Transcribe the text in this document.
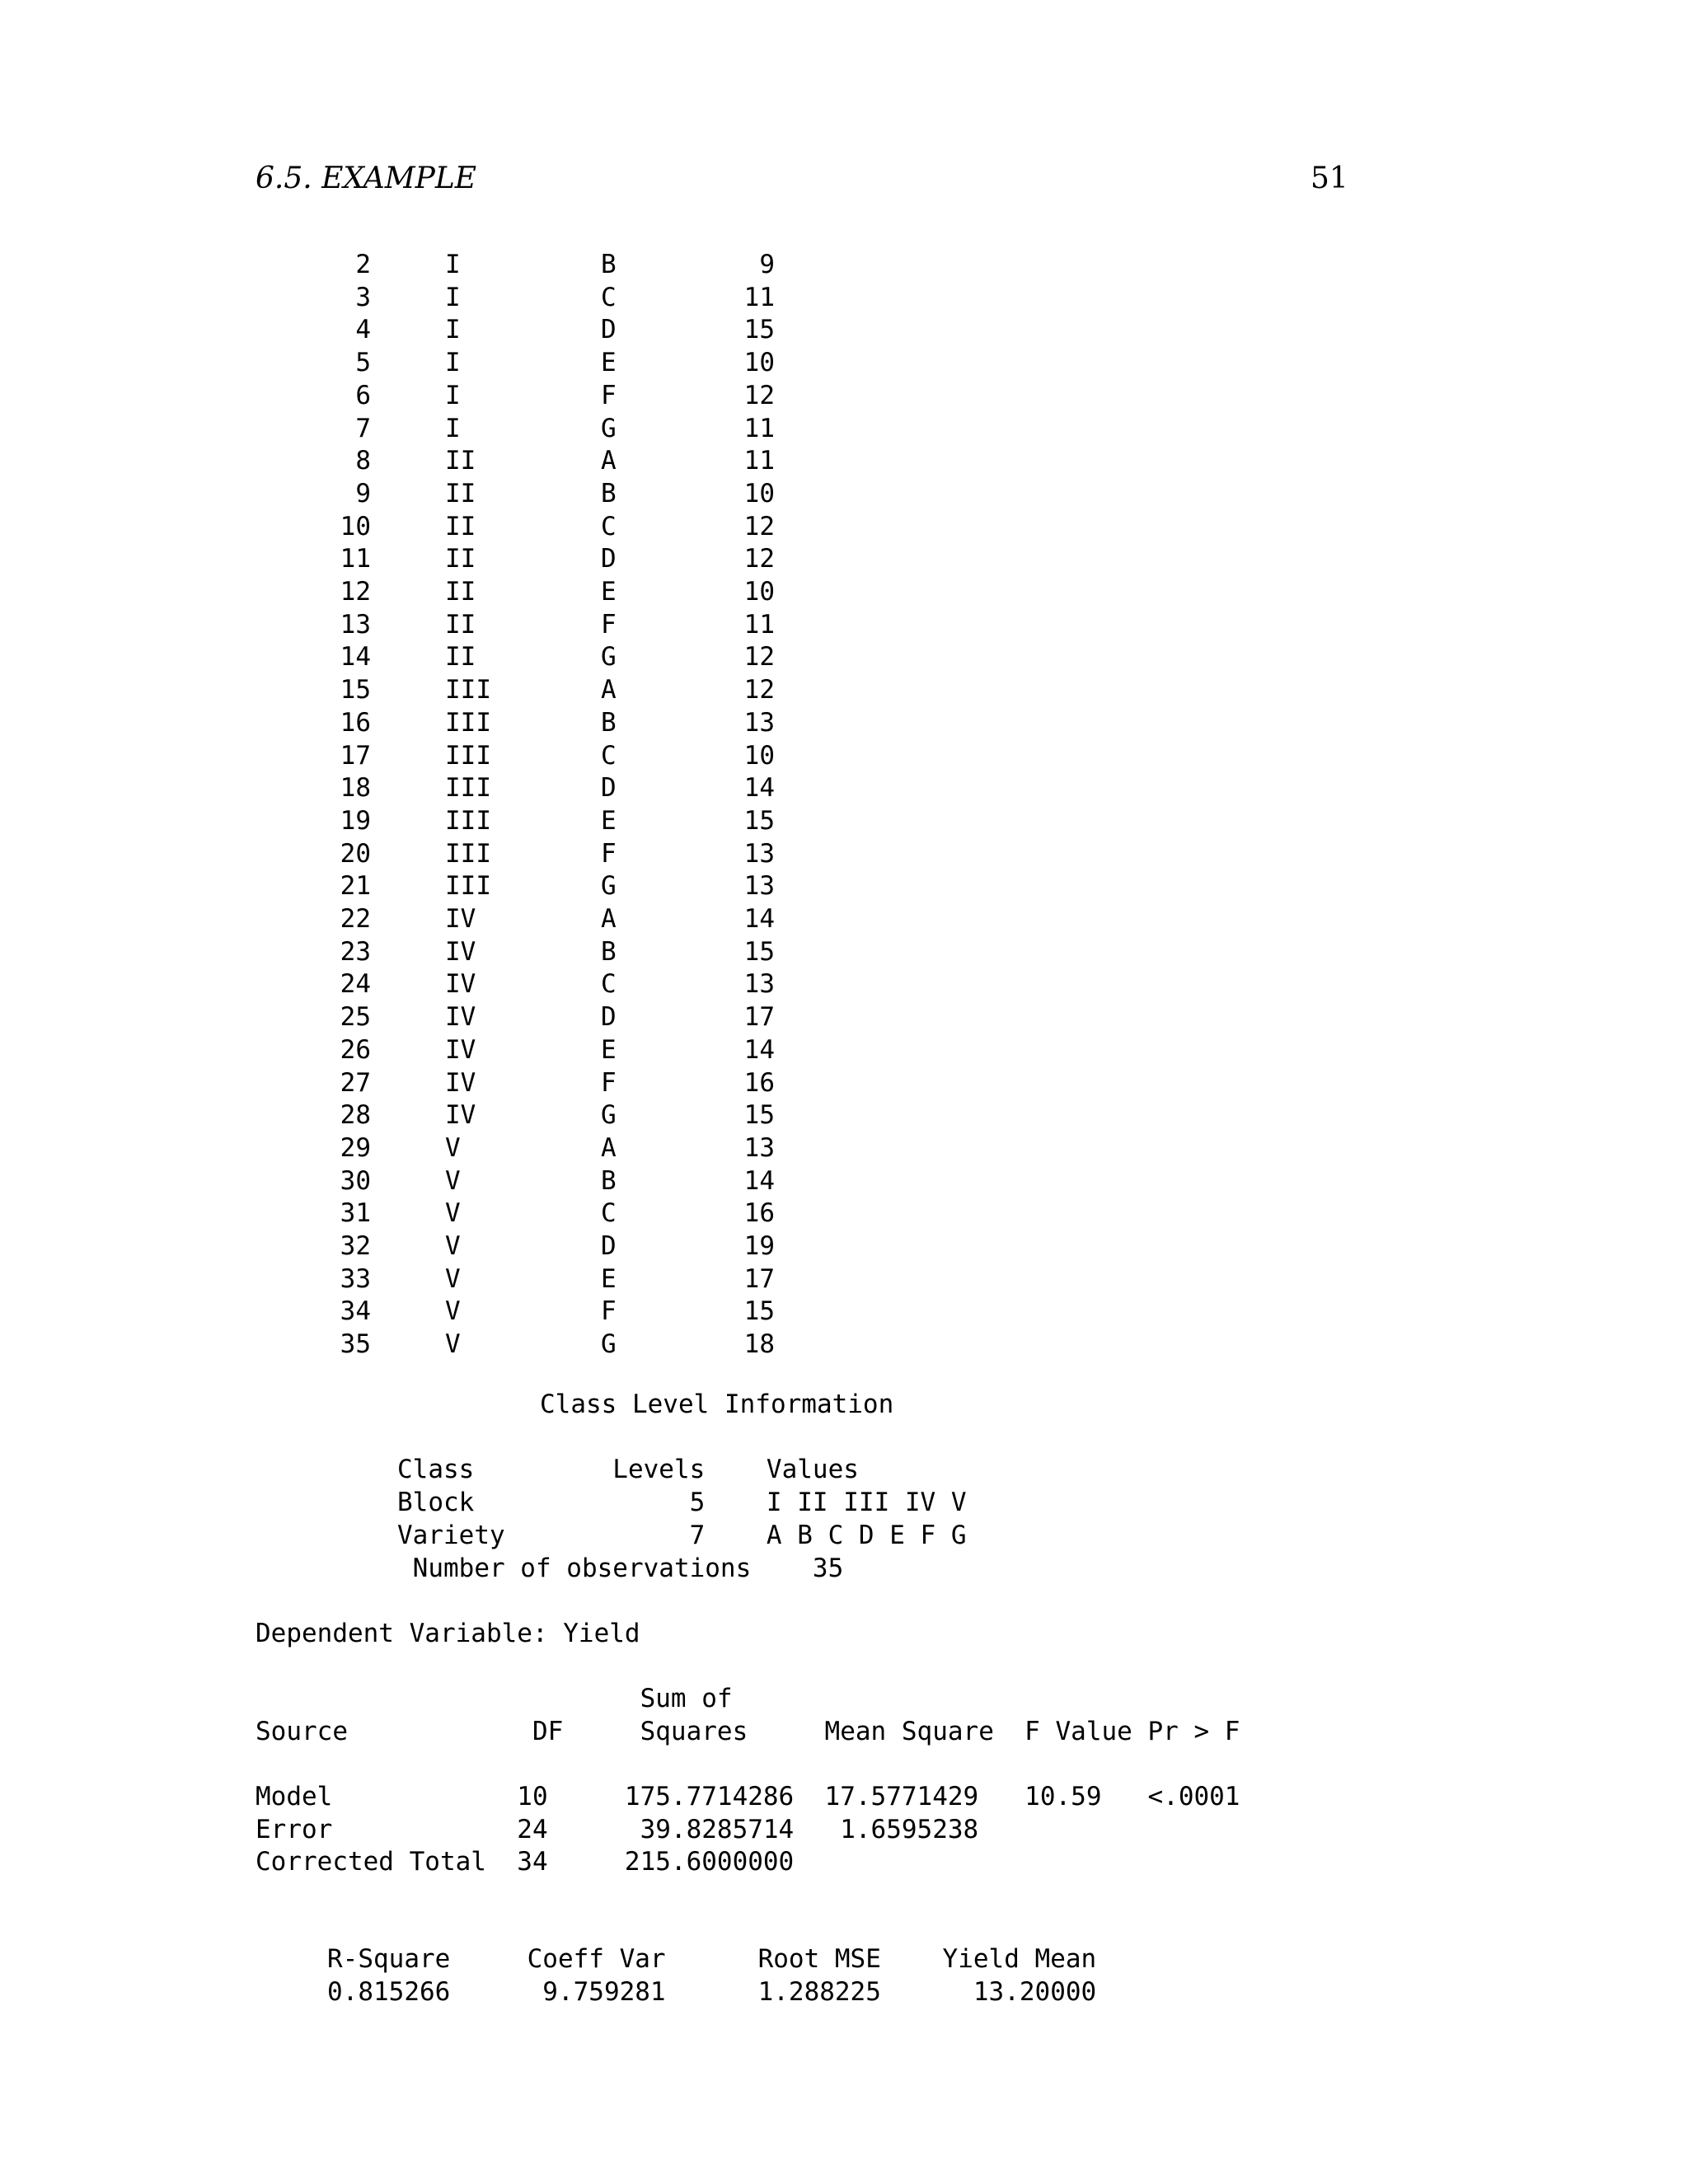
6.5. EXAMPLE	51
2	I	B	9
3	I	C	11
4	I	D	15
5	I	E	10
6	I	F	12
7	I	G	11
8	II	A	11
9	II	B	10
10	II	C	12
11	II	D	12
12	II	E	10
13	II	F	11
14	II	G	12
15	III	A	12
16	III	B	13
17	III	C	10
18	III	D	14
19	III	E	15
20	III	F	13
21	III	G	13
22	IV	A	14
23	IV	B	15
24	IV	C	13
25	IV	D	17
26	IV	E	14
27	IV	F	16
28	IV	G	15
29	V	A	13
30	V	B	14
31	V	C	16
32	V	D	19
33	V	E	17
34	V	F	15
35	V	G	18
Class Level Information
Class         Levels    Values
Block              5    I II III IV V
Variety            7    A B C D E F G
Number of observations    35
Dependent Variable: Yield
Sum of
Source            DF     Squares     Mean Square  F Value Pr > F
Model            10     175.7714286  17.5771429   10.59   <.0001
Error            24      39.8285714   1.6595238
Corrected Total  34     215.6000000
R-Square     Coeff Var      Root MSE    Yield Mean
0.815266      9.759281      1.288225      13.20000
